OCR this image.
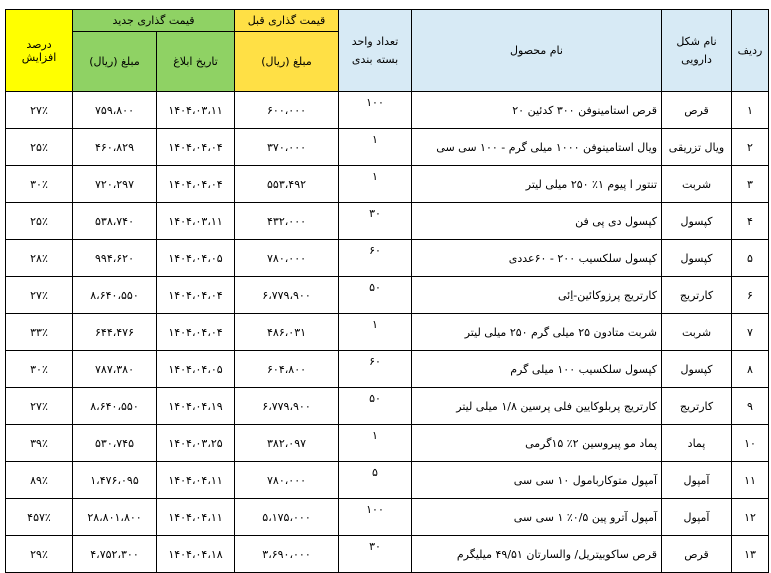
ردیف	نام شکل دارویی	نام محصول	تعداد واحد بسته بندی	قیمت گذاری قبل	قیمت گذاری جدید		درصد افزایش
				مبلغ (ریال)	تاریخ ابلاغ	مبلغ (ریال)	
۱	قرص	قرص استامینوفن ۳۰۰ کدئین ۲۰	۱۰۰	۶۰۰،۰۰۰	۱۴۰۴،۰۳،۱۱	۷۵۹،۸۰۰	۲۷٪
۲	ویال تزریقی	ویال استامینوفن ۱۰۰۰ میلی گرم - ۱۰۰ سی سی	۱	۳۷۰،۰۰۰	۱۴۰۴،۰۴،۰۴	۴۶۰،۸۲۹	۲۵٪
۳	شربت	تنتور ا پیوم ۱٪ ۲۵۰ میلی لیتر	۱	۵۵۳،۴۹۲	۱۴۰۴،۰۴،۰۴	۷۲۰،۲۹۷	۳۰٪
۴	کپسول	کپسول دی پی فن	۳۰	۴۳۲،۰۰۰	۱۴۰۴،۰۳،۱۱	۵۳۸،۷۴۰	۲۵٪
۵	کپسول	کپسول سلکسیب ۲۰۰ - ۶۰عددی	۶۰	۷۸۰،۰۰۰	۱۴۰۴،۰۴،۰۵	۹۹۴،۶۲۰	۲۸٪
۶	کارتریج	کارتریج پرزوکائین-اِئی	۵۰	۶،۷۷۹،۹۰۰	۱۴۰۴،۰۴،۰۴	۸،۶۴۰،۵۵۰	۲۷٪
۷	شربت	شربت متادون ۲۵ میلی گرم ۲۵۰ میلی لیتر	۱	۴۸۶،۰۳۱	۱۴۰۴،۰۴،۰۴	۶۴۴،۴۷۶	۳۳٪
۸	کپسول	کپسول سلکسیب ۱۰۰ میلی گرم	۶۰	۶۰۴،۸۰۰	۱۴۰۴،۰۴،۰۵	۷۸۷،۳۸۰	۳۰٪
۹	کارتریج	کارتریج پربلوکایین فلی پرسین ۱/۸ میلی لیتر	۵۰	۶،۷۷۹،۹۰۰	۱۴۰۴،۰۴،۱۹	۸،۶۴۰،۵۵۰	۲۷٪
۱۰	پماد	پماد مو پیروسین ۲٪ ۱۵گرمی	۱	۳۸۲،۰۹۷	۱۴۰۴،۰۳،۲۵	۵۳۰،۷۴۵	۳۹٪
۱۱	آمپول	آمپول متوکاربامول ۱۰ سی سی	۵	۷۸۰،۰۰۰	۱۴۰۴،۰۴،۱۱	۱،۴۷۶،۰۹۵	۸۹٪
۱۲	آمپول	آمپول آترو پین ۰/۵٪ ۱ سی سی	۱۰۰	۵،۱۷۵،۰۰۰	۱۴۰۴،۰۴،۱۱	۲۸،۸۰۱،۸۰۰	۴۵۷٪
۱۳	قرص	قرص ساکوبیتریل/ والسارتان ۴۹/۵۱ میلیگرم	۳۰	۳،۶۹۰،۰۰۰	۱۴۰۴،۰۴،۱۸	۴،۷۵۲،۳۰۰	۲۹٪
